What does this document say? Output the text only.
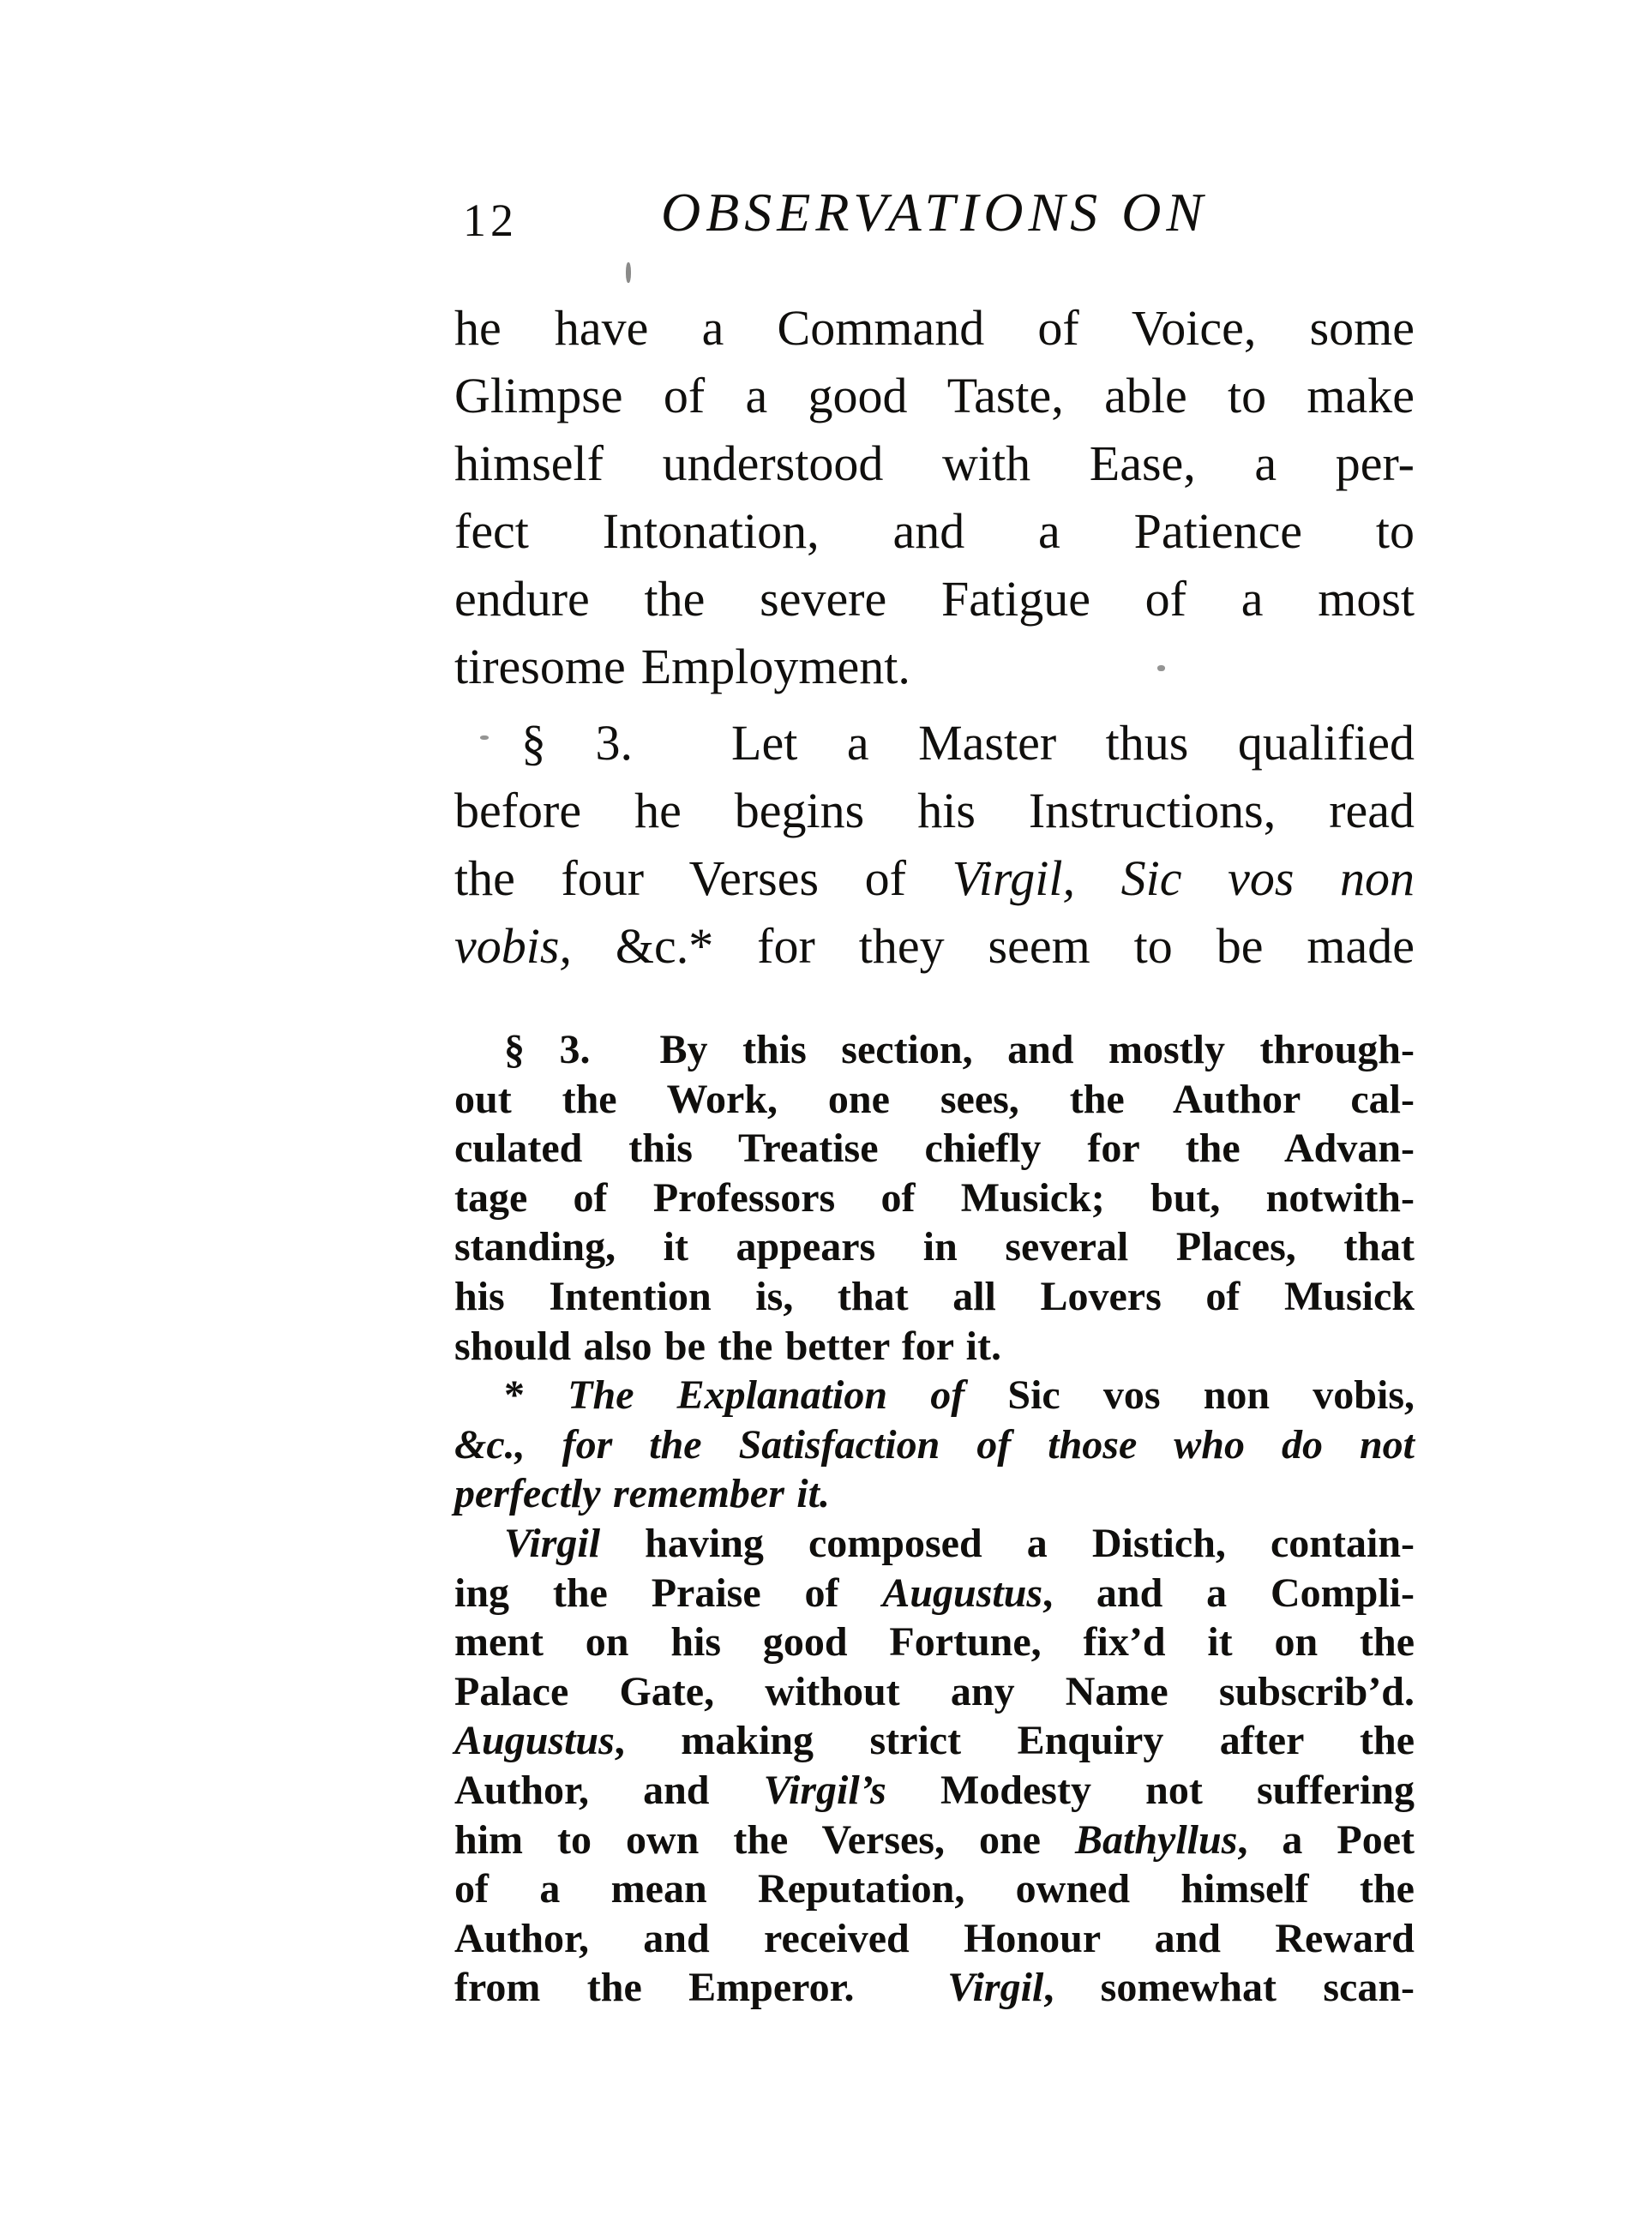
12	OBSERVATIONS ON
he have a Command of Voice, some
Glimpse of a good Taste, able to make
himself understood with Ease, a per-
fect Intonation, and a Patience to
endure the severe Fatigue of a most
tiresome Employment.
§ 3.  Let a Master thus qualified
before he begins his Instructions, read
the four Verses of Virgil, Sic vos non
vobis, &c.* for they seem to be made
§ 3.  By this section, and mostly through-
out the Work, one sees, the Author cal-
culated this Treatise chiefly for the Advan-
tage of Professors of Musick; but, notwith-
standing, it appears in several Places, that
his Intention is, that all Lovers of Musick
should also be the better for it.
* The Explanation of Sic vos non vobis,
&c., for the Satisfaction of those who do not
perfectly remember it.
Virgil having composed a Distich, contain-
ing the Praise of Augustus, and a Compli-
ment on his good Fortune, fix’d it on the
Palace Gate, without any Name subscrib’d.
Augustus, making strict Enquiry after the
Author, and Virgil’s Modesty not suffering
him to own the Verses, one Bathyllus, a Poet
of a mean Reputation, owned himself the
Author, and received Honour and Reward
from the Emperor.  Virgil, somewhat scan-
